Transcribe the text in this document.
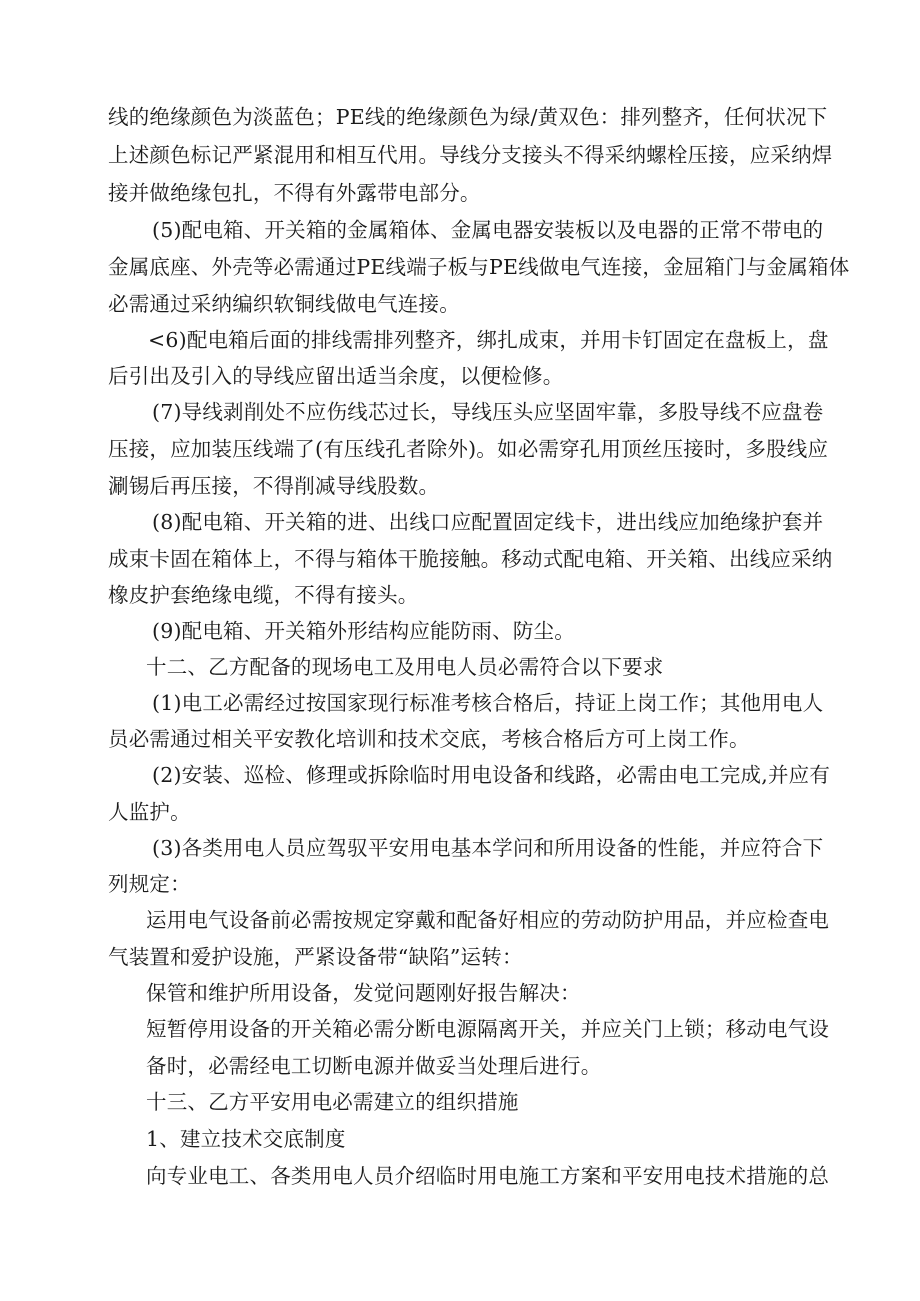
线的绝缘颜色为淡蓝色；PE线的绝缘颜色为绿/黄双色：排列整齐，任何状况下
上述颜色标记严紧混用和相互代用。导线分支接头不得采纳螺栓压接，应采纳焊
接并做绝缘包扎，不得有外露带电部分。
(5)配电箱、开关箱的金属箱体、金属电器安装板以及电器的正常不带电的
金属底座、外壳等必需通过PE线端子板与PE线做电气连接，金屈箱门与金属箱体
必需通过采纳编织软铜线做电气连接。
<6)配电箱后面的排线需排列整齐，绑扎成束，并用卡钉固定在盘板上，盘
后引出及引入的导线应留出适当余度，以便检修。
(7)导线剥削处不应伤线芯过长，导线压头应坚固牢靠，多股导线不应盘卷
压接，应加装压线端了(有压线孔者除外)。如必需穿孔用顶丝压接时，多股线应
涮锡后再压接，不得削减导线股数。
(8)配电箱、开关箱的进、出线口应配置固定线卡，进出线应加绝缘护套并
成束卡固在箱体上，不得与箱体干脆接触。移动式配电箱、开关箱、出线应采纳
橡皮护套绝缘电缆，不得有接头。
(9)配电箱、开关箱外形结构应能防雨、防尘。
十二、乙方配备的现场电工及用电人员必需符合以下要求
(1)电工必需经过按国家现行标准考核合格后，持证上岗工作；其他用电人
员必需通过相关平安教化培训和技术交底，考核合格后方可上岗工作。
(2)安装、巡检、修理或拆除临时用电设备和线路，必需由电工完成,并应有
人监护。
(3)各类用电人员应驾驭平安用电基本学问和所用设备的性能，并应符合下
列规定：
运用电气设备前必需按规定穿戴和配备好相应的劳动防护用品，并应检查电
气装置和爱护设施，严紧设备带“缺陷”运转：
保管和维护所用设备，发觉问题刚好报告解决：
短暂停用设备的开关箱必需分断电源隔离开关，并应关门上锁；移动电气设
备时，必需经电工切断电源并做妥当处理后进行。
十三、乙方平安用电必需建立的组织措施
1、建立技术交底制度
向专业电工、各类用电人员介绍临时用电施工方案和平安用电技术措施的总
